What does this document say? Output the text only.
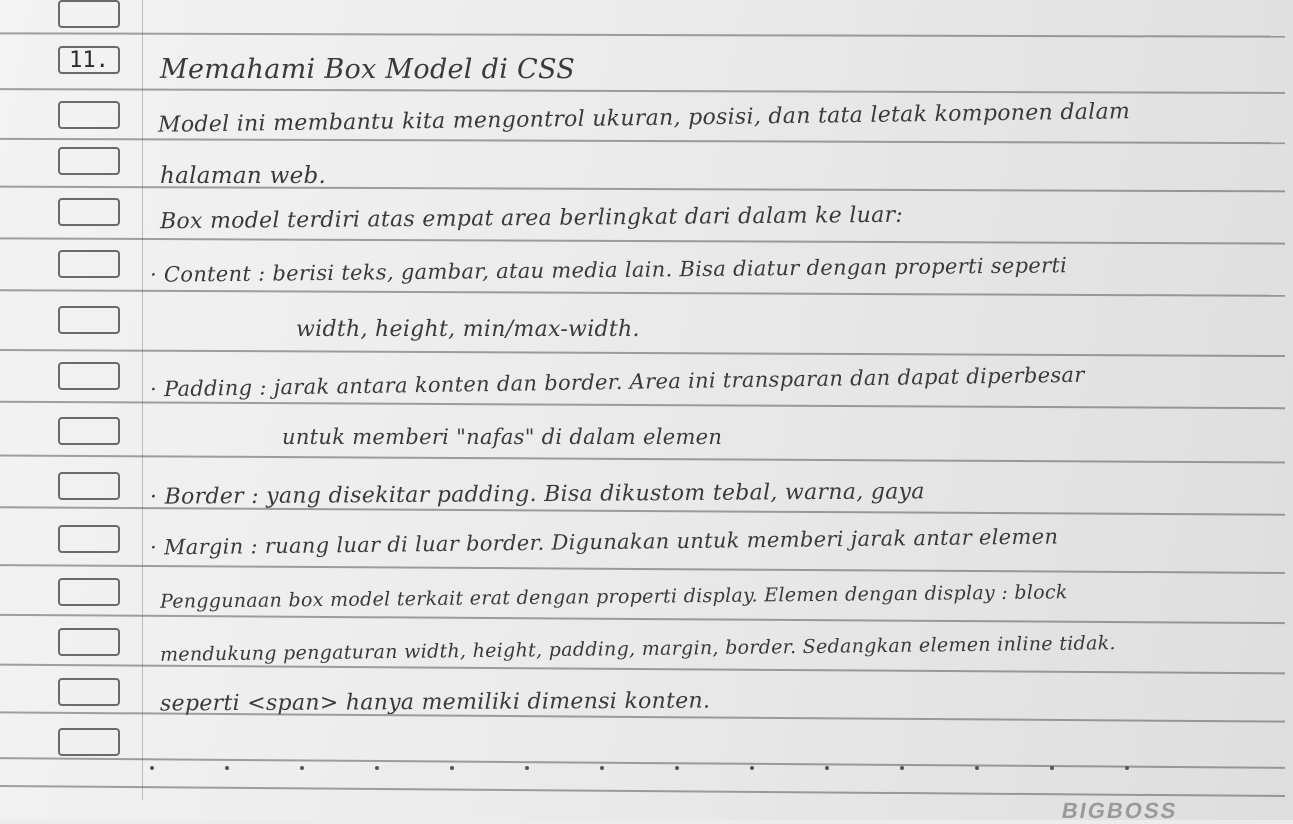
11. Memahami Box Model di CSS
Model ini membantu kita mengontrol ukuran, posisi, dan tata letak komponen dalam
halaman web.
Box model terdiri atas empat area berlingkat dari dalam ke luar:
· Content : berisi teks, gambar, atau media lain. Bisa diatur dengan properti seperti
width, height, min/max-width.
· Padding : jarak antara konten dan border. Area ini transparan dan dapat diperbesar
untuk memberi "nafas" di dalam elemen
· Border : yang disekitar padding. Bisa dikustom tebal, warna, gaya
· Margin : ruang luar di luar border. Digunakan untuk memberi jarak antar elemen
Penggunaan box model terkait erat dengan properti display. Elemen dengan display : block
mendukung pengaturan width, height, padding, margin, border. Sedangkan elemen inline tidak.
seperti <span> hanya memiliki dimensi konten.
BIGBOSS
